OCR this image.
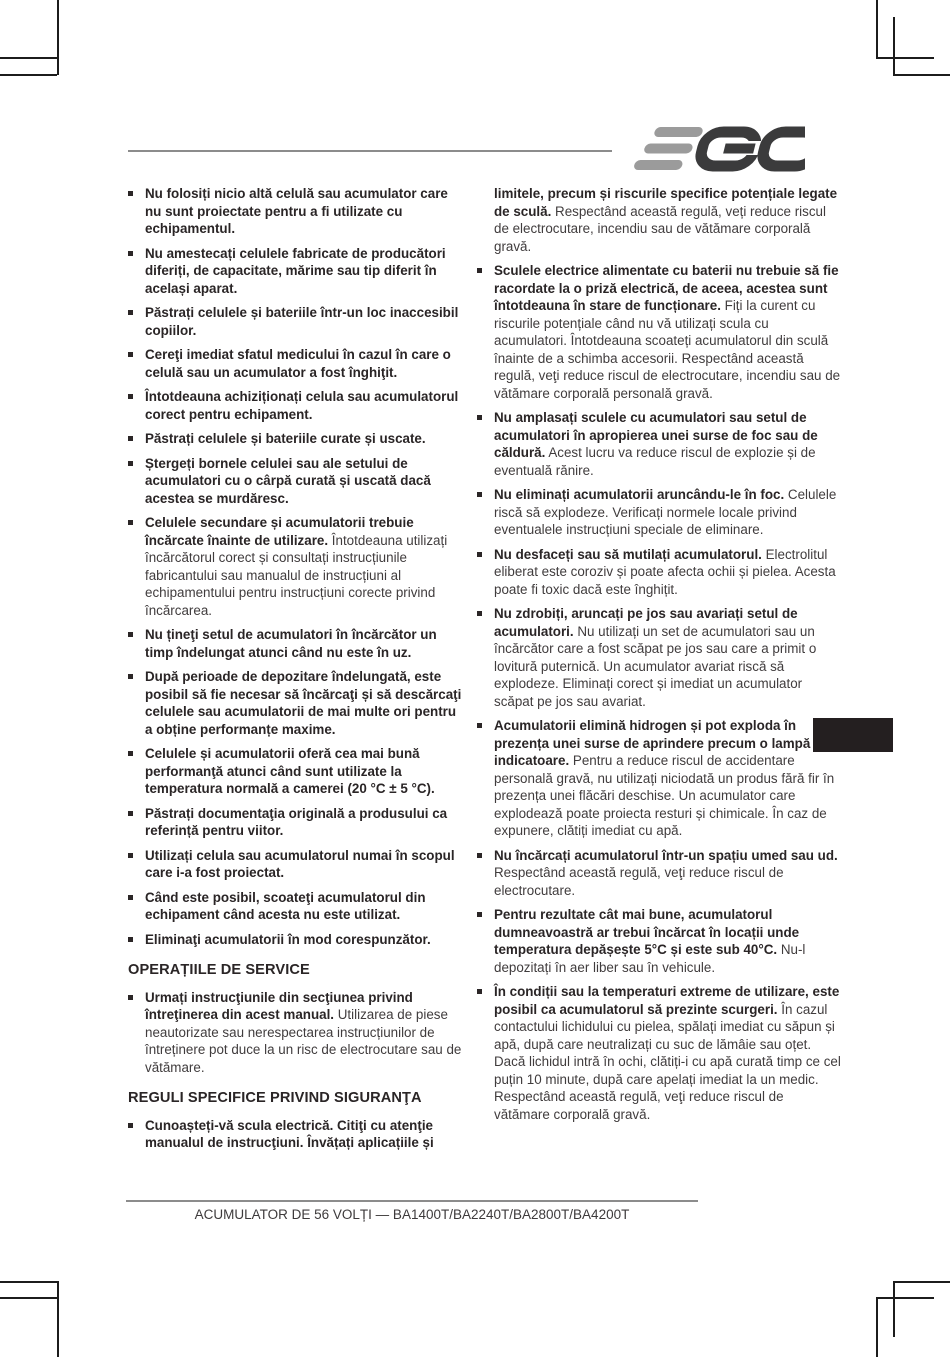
Nu folosiți nicio altă celulă sau acumulator care nu sunt proiectate pentru a fi utilizate cu echipamentul.
Nu amestecați celulele fabricate de producători diferiți, de capacitate, mărime sau tip diferit în același aparat.
Păstrați celulele și bateriile într-un loc inaccesibil copiilor.
Cereţi imediat sfatul medicului în cazul în care o celulă sau un acumulator a fost înghiţit.
Întotdeauna achiziționați celula sau acumulatorul corect pentru echipament.
Păstrați celulele și bateriile curate și uscate.
Ștergeți bornele celulei sau ale setului de acumulatori cu o cârpă curată și uscată dacă acestea se murdăresc.
Celulele secundare și acumulatorii trebuie încărcate înainte de utilizare. Întotdeauna utilizați încărcătorul corect și consultați instrucțiunile fabricantului sau manualul de instrucțiuni al echipamentului pentru instrucțiuni corecte privind încărcarea.
Nu țineţi setul de acumulatori în încărcător un timp îndelungat atunci când nu este în uz.
După perioade de depozitare îndelungată, este posibil să fie necesar să încărcaţi și să descărcaţi celulele sau acumulatorii de mai multe ori pentru a obține performanțe maxime.
Celulele și acumulatorii oferă cea mai bună performanţă atunci când sunt utilizate la temperatura normală a camerei (20 °C ± 5 °C).
Păstrați documentaţia originală a produsului ca referință pentru viitor.
Utilizați celula sau acumulatorul numai în scopul care i-a fost proiectat.
Când este posibil, scoateţi acumulatorul din echipament când acesta nu este utilizat.
Eliminaţi acumulatorii în mod corespunzător.
OPERAȚIILE DE SERVICE
Urmați instrucţiunile din secţiunea privind întreţinerea din acest manual. Utilizarea de piese neautorizate sau nerespectarea instrucțiunilor de întreținere pot duce la un risc de electrocutare sau de vătămare.
REGULI SPECIFICE PRIVIND SIGURANŢA
Cunoașteți-vă scula electrică. Citiţi cu atenţie manualul de instrucţiuni. Învățați aplicațiile și
limitele, precum și riscurile specifice potențiale legate de sculă. Respectând această regulă, veți reduce riscul de electrocutare, incendiu sau de vătămare corporală gravă.
Sculele electrice alimentate cu baterii nu trebuie să fie racordate la o priză electrică, de aceea, acestea sunt întotdeauna în stare de funcționare. Fiți la curent cu riscurile potențiale când nu vă utilizați scula cu acumulatori. Întotdeauna scoateți acumulatorul din sculă înainte de a schimba accesorii. Respectând această regulă, veţi reduce riscul de electrocutare, incendiu sau de vătămare corporală personală gravă.
Nu amplasați sculele cu acumulatori sau setul de acumulatori în apropierea unei surse de foc sau de căldură. Acest lucru va reduce riscul de explozie și de eventuală rănire.
Nu eliminați acumulatorii aruncându-le în foc. Celulele riscă să explodeze. Verificați normele locale privind eventualele instrucțiuni speciale de eliminare.
Nu desfaceți sau să mutilați acumulatorul. Electrolitul eliberat este coroziv și poate afecta ochii și pielea. Acesta poate fi toxic dacă este înghițit.
Nu zdrobiți, aruncați pe jos sau avariați setul de acumulatori. Nu utilizați un set de acumulatori sau un încărcător care a fost scăpat pe jos sau care a primit o lovitură puternică. Un acumulator avariat riscă să explodeze. Eliminați corect și imediat un acumulator scăpat pe jos sau avariat.
Acumulatorii elimină hidrogen și pot exploda în prezența unei surse de aprindere precum o lampă indicatoare. Pentru a reduce riscul de accidentare personală gravă, nu utilizați niciodată un produs fără fir în prezența unei flăcări deschise. Un acumulator care explodează poate proiecta resturi și chimicale. În caz de expunere, clătiți imediat cu apă.
Nu încărcați acumulatorul într-un spațiu umed sau ud. Respectând această regulă, veţi reduce riscul de electrocutare.
Pentru rezultate cât mai bune, acumulatorul dumneavoastră ar trebui încărcat în locații unde temperatura depășește 5°C și este sub 40°C. Nu-l depozitați în aer liber sau în vehicule.
În condiții sau la temperaturi extreme de utilizare, este posibil ca acumulatorul să prezinte scurgeri. În cazul contactului lichidului cu pielea, spălați imediat cu săpun și apă, după care neutralizați cu suc de lămâie sau oțet. Dacă lichidul intră în ochi, clătiți-i cu apă curată timp ce cel puțin 10 minute, după care apelați imediat la un medic. Respectând această regulă, veţi reduce riscul de vătămare corporală gravă.
ACUMULATOR DE 56 VOLȚI — BA1400T/BA2240T/BA2800T/BA4200T
